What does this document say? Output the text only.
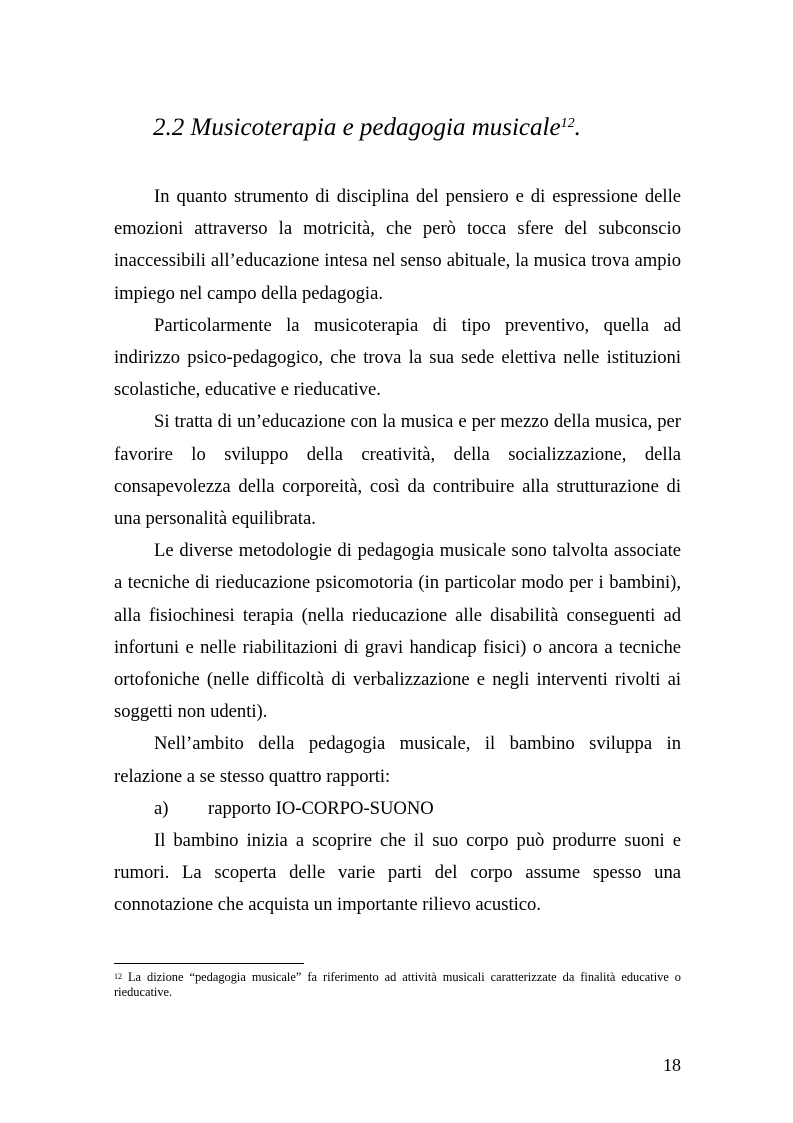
2.2 Musicoterapia e pedagogia musicale$^{12}$.

In quanto strumento di disciplina del pensiero e di espressione delle emozioni attraverso la motricità, che però tocca sfere del subconscio inaccessibili all’educazione intesa nel senso abituale, la musica trova ampio impiego nel campo della pedagogia.

Particolarmente la musicoterapia di tipo preventivo, quella ad indirizzo psico-pedagogico, che trova la sua sede elettiva nelle istituzioni scolastiche, educative e rieducative.

Si tratta di un’educazione con la musica e per mezzo della musica, per favorire lo sviluppo della creatività, della socializzazione, della consapevolezza della corporeità, così da contribuire alla strutturazione di una personalità equilibrata.

Le diverse metodologie di pedagogia musicale sono talvolta associate a tecniche di rieducazione psicomotoria (in particolar modo per i bambini), alla fisiochinesi terapia (nella rieducazione alle disabilità conseguenti ad infortuni e nelle riabilitazioni di gravi handicap fisici) o ancora a tecniche ortofoniche (nelle difficoltà di verbalizzazione e negli interventi rivolti ai soggetti non udenti).

Nell’ambito della pedagogia musicale, il bambino sviluppa in relazione a se stesso quattro rapporti:

a) rapporto IO-CORPO-SUONO

Il bambino inizia a scoprire che il suo corpo può produrre suoni e rumori. La scoperta delle varie parti del corpo assume spesso una connotazione che acquista un importante rilievo acustico.

$^{12}$ La dizione “pedagogia musicale” fa riferimento ad attività musicali caratterizzate da finalità educative o rieducative.
18
